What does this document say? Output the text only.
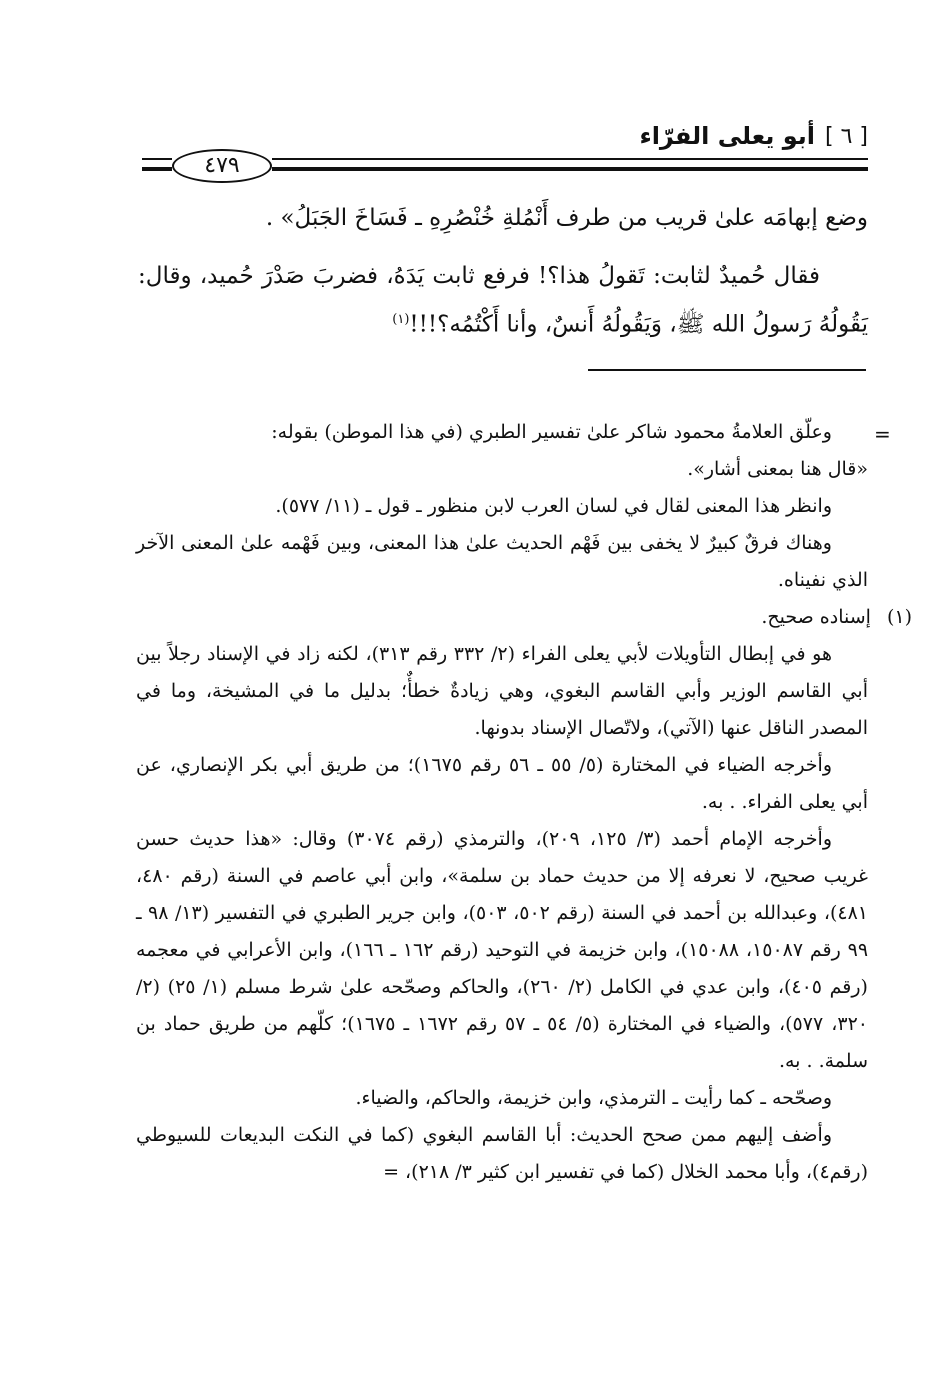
[ ٦ ]
أبو يعلى الفرّاء
٤٧٩

وضع إبهامَه علىٰ قريب من طرف أَنْمُلةِ خُنْصُرِهِ ـ فَسَاخَ الجَبَلُ» .

فقال حُميدٌ لثابت: تَقولُ هذا؟! فرفع ثابت يَدَهُ، فضربَ صَدْرَ حُميد، وقال: يَقُولُهُ رَسولُ الله ﷺ، وَيَقُولُهُ أَنسٌ، وأنا أَكْتُمُه؟!!!$^{(١)}$

=

وعلّق العلامةُ محمود شاكر علىٰ تفسير الطبري (في هذا الموطن) بقوله:

«قال هنا بمعنى أشار».

وانظر هذا المعنى لقال في لسان العرب لابن منظور ـ قول ـ (١١/ ٥٧٧).

وهناك فرقٌ كبيرٌ لا يخفى بين فَهْم الحديث علىٰ هذا المعنى، وبين فَهْمه علىٰ المعنى الآخر الذي نفيناه.

(١)
إسناده صحيح.

هو في إبطال التأويلات لأبي يعلى الفراء (٢/ ٣٣٢ رقم ٣١٣)، لكنه زاد في الإسناد رجلاً بين أبي القاسم الوزير وأبي القاسم البغوي، وهي زيادةٌ خطأٌ؛ بدليل ما في المشيخة، وما في المصدر الناقل عنها (الآتي)، ولاتّصال الإسناد بدونها.

وأخرجه الضياء في المختارة (٥/ ٥٥ ـ ٥٦ رقم ١٦٧٥)؛ من طريق أبي بكر الإنصاري، عن أبي يعلى الفراء. . به.

وأخرجه الإمام أحمد (٣/ ١٢٥، ٢٠٩)، والترمذي (رقم ٣٠٧٤) وقال: «هذا حديث حسن غريب صحيح، لا نعرفه إلا من حديث حماد بن سلمة»، وابن أبي عاصم في السنة (رقم ٤٨٠، ٤٨١)، وعبدالله بن أحمد في السنة (رقم ٥٠٢، ٥٠٣)، وابن جرير الطبري في التفسير (١٣/ ٩٨ ـ ٩٩ رقم ١٥٠٨٧، ١٥٠٨٨)، وابن خزيمة في التوحيد (رقم ١٦٢ ـ ١٦٦)، وابن الأعرابي في معجمه (رقم ٤٠٥)، وابن عدي في الكامل (٢/ ٢٦٠)، والحاكم وصحّحه علىٰ شرط مسلم (١/ ٢٥) (٢/ ٣٢٠، ٥٧٧)، والضياء في المختارة (٥/ ٥٤ ـ ٥٧ رقم ١٦٧٢ ـ ١٦٧٥)؛ كلّهم من طريق حماد بن سلمة. . به.

وصحّحه ـ كما رأيت ـ الترمذي، وابن خزيمة، والحاكم، والضياء.

وأضف إليهم ممن صحح الحديث: أبا القاسم البغوي (كما في النكت البديعات للسيوطي (رقم٤)، وأبا محمد الخلال (كما في تفسير ابن كثير ٣/ ٢١٨)، =
